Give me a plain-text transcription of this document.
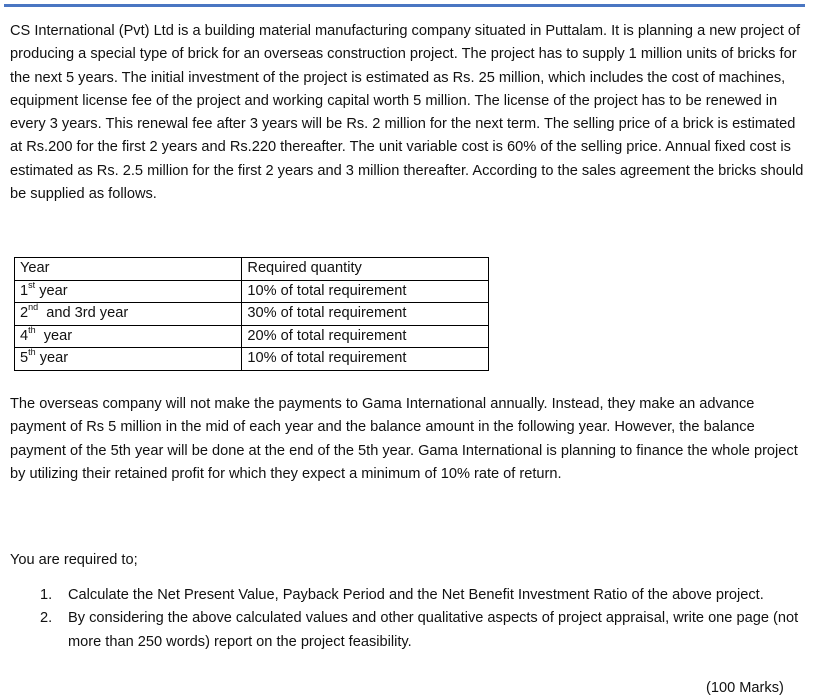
CS International (Pvt) Ltd is a building material manufacturing company situated in Puttalam. It is planning a new project of producing a special type of brick for an overseas construction project. The project has to supply 1 million units of bricks for the next 5 years. The initial investment of the project is estimated as Rs. 25 million, which includes the cost of machines, equipment license fee of the project and working capital worth 5 million. The license of the project has to be renewed in every 3 years. This renewal fee after 3 years will be Rs. 2 million for the next term. The selling price of a brick is estimated at Rs.200 for the first 2 years and Rs.220 thereafter. The unit variable cost is 60% of the selling price. Annual fixed cost is estimated as Rs. 2.5 million for the first 2 years and 3 million thereafter. According to the sales agreement the bricks should be supplied as follows.

Year	Required quantity
1st year	10% of total requirement
2nd  and 3rd year	30% of total requirement
4th  year	20% of total requirement
5th year	10% of total requirement

The overseas company will not make the payments to Gama International annually. Instead, they make an advance payment of Rs 5 million in the mid of each year and the balance amount in the following year. However, the balance payment of the 5th year will be done at the end of the 5th year. Gama International is planning to finance the whole project by utilizing their retained profit for which they expect a minimum of 10% rate of return.

You are required to;

1. Calculate the Net Present Value, Payback Period and the Net Benefit Investment Ratio of the above project.
2. By considering the above calculated values and other qualitative aspects of project appraisal, write one page (not more than 250 words) report on the project feasibility.
(100 Marks)
